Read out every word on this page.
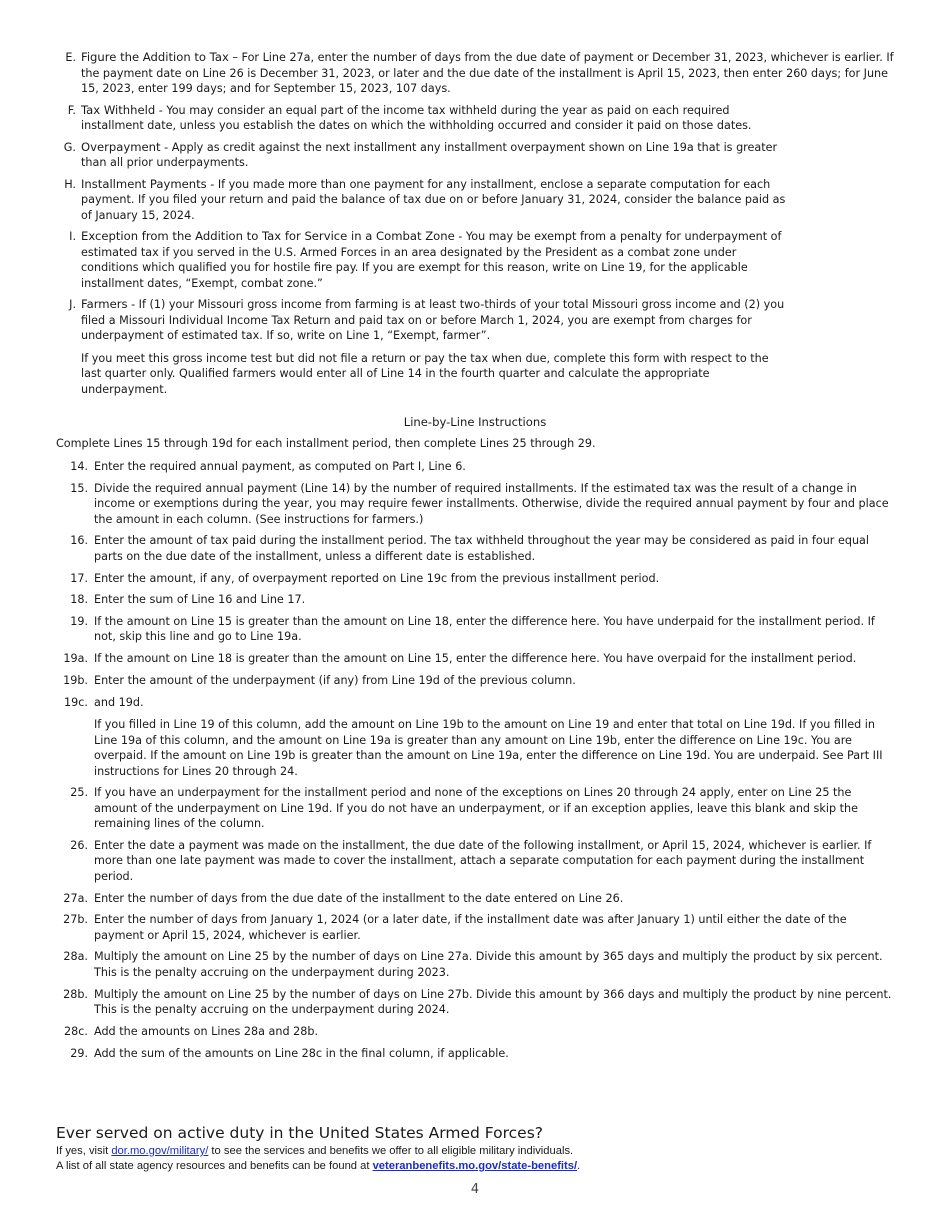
E. Figure the Addition to Tax – For Line 27a, enter the number of days from the due date of payment or December 31, 2023, whichever is earlier. If the payment date on Line 26 is December 31, 2023, or later and the due date of the installment is April 15, 2023, then enter 260 days; for June 15, 2023, enter 199 days; and for September 15, 2023, 107 days.
F. Tax Withheld - You may consider an equal part of the income tax withheld during the year as paid on each required installment date, unless you establish the dates on which the withholding occurred and consider it paid on those dates.
G. Overpayment - Apply as credit against the next installment any installment overpayment shown on Line 19a that is greater than all prior underpayments.
H. Installment Payments - If you made more than one payment for any installment, enclose a separate computation for each payment. If you filed your return and paid the balance of tax due on or before January 31, 2024, consider the balance paid as of January 15, 2024.
I. Exception from the Addition to Tax for Service in a Combat Zone - You may be exempt from a penalty for underpayment of estimated tax if you served in the U.S. Armed Forces in an area designated by the President as a combat zone under conditions which qualified you for hostile fire pay. If you are exempt for this reason, write on Line 19, for the applicable installment dates, “Exempt, combat zone.”
J. Farmers - If (1) your Missouri gross income from farming is at least two-thirds of your total Missouri gross income and (2) you filed a Missouri Individual Income Tax Return and paid tax on or before March 1, 2024, you are exempt from charges for underpayment of estimated tax. If so, write on Line 1, “Exempt, farmer”.

If you meet this gross income test but did not file a return or pay the tax when due, complete this form with respect to the last quarter only. Qualified farmers would enter all of Line 14 in the fourth quarter and calculate the appropriate underpayment.

Line-by-Line Instructions
Complete Lines 15 through 19d for each installment period, then complete Lines 25 through 29.
14. Enter the required annual payment, as computed on Part I, Line 6.
15. Divide the required annual payment (Line 14) by the number of required installments. If the estimated tax was the result of a change in income or exemptions during the year, you may require fewer installments. Otherwise, divide the required annual payment by four and place the amount in each column. (See instructions for farmers.)
16. Enter the amount of tax paid during the installment period. The tax withheld throughout the year may be considered as paid in four equal parts on the due date of the installment, unless a different date is established.
17. Enter the amount, if any, of overpayment reported on Line 19c from the previous installment period.
18. Enter the sum of Line 16 and Line 17.
19. If the amount on Line 15 is greater than the amount on Line 18, enter the difference here. You have underpaid for the installment period. If not, skip this line and go to Line 19a.
19a. If the amount on Line 18 is greater than the amount on Line 15, enter the difference here. You have overpaid for the installment period.
19b. Enter the amount of the underpayment (if any) from Line 19d of the previous column.
19c. and 19d.
If you filled in Line 19 of this column, add the amount on Line 19b to the amount on Line 19 and enter that total on Line 19d. If you filled in Line 19a of this column, and the amount on Line 19a is greater than any amount on Line 19b, enter the difference on Line 19c. You are overpaid. If the amount on Line 19b is greater than the amount on Line 19a, enter the difference on Line 19d. You are underpaid. See Part III instructions for Lines 20 through 24.
25. If you have an underpayment for the installment period and none of the exceptions on Lines 20 through 24 apply, enter on Line 25 the amount of the underpayment on Line 19d. If you do not have an underpayment, or if an exception applies, leave this blank and skip the remaining lines of the column.
26. Enter the date a payment was made on the installment, the due date of the following installment, or April 15, 2024, whichever is earlier. If more than one late payment was made to cover the installment, attach a separate computation for each payment during the installment period.
27a. Enter the number of days from the due date of the installment to the date entered on Line 26.
27b. Enter the number of days from January 1, 2024 (or a later date, if the installment date was after January 1) until either the date of the payment or April 15, 2024, whichever is earlier.
28a. Multiply the amount on Line 25 by the number of days on Line 27a. Divide this amount by 365 days and multiply the product by six percent. This is the penalty accruing on the underpayment during 2023.
28b. Multiply the amount on Line 25 by the number of days on Line 27b. Divide this amount by 366 days and multiply the product by nine percent. This is the penalty accruing on the underpayment during 2024.
28c. Add the amounts on Lines 28a and 28b.
29. Add the sum of the amounts on Line 28c in the final column, if applicable.
Ever served on active duty in the United States Armed Forces?
If yes, visit dor.mo.gov/military/ to see the services and benefits we offer to all eligible military individuals.
A list of all state agency resources and benefits can be found at veteranbenefits.mo.gov/state-benefits/.
4
